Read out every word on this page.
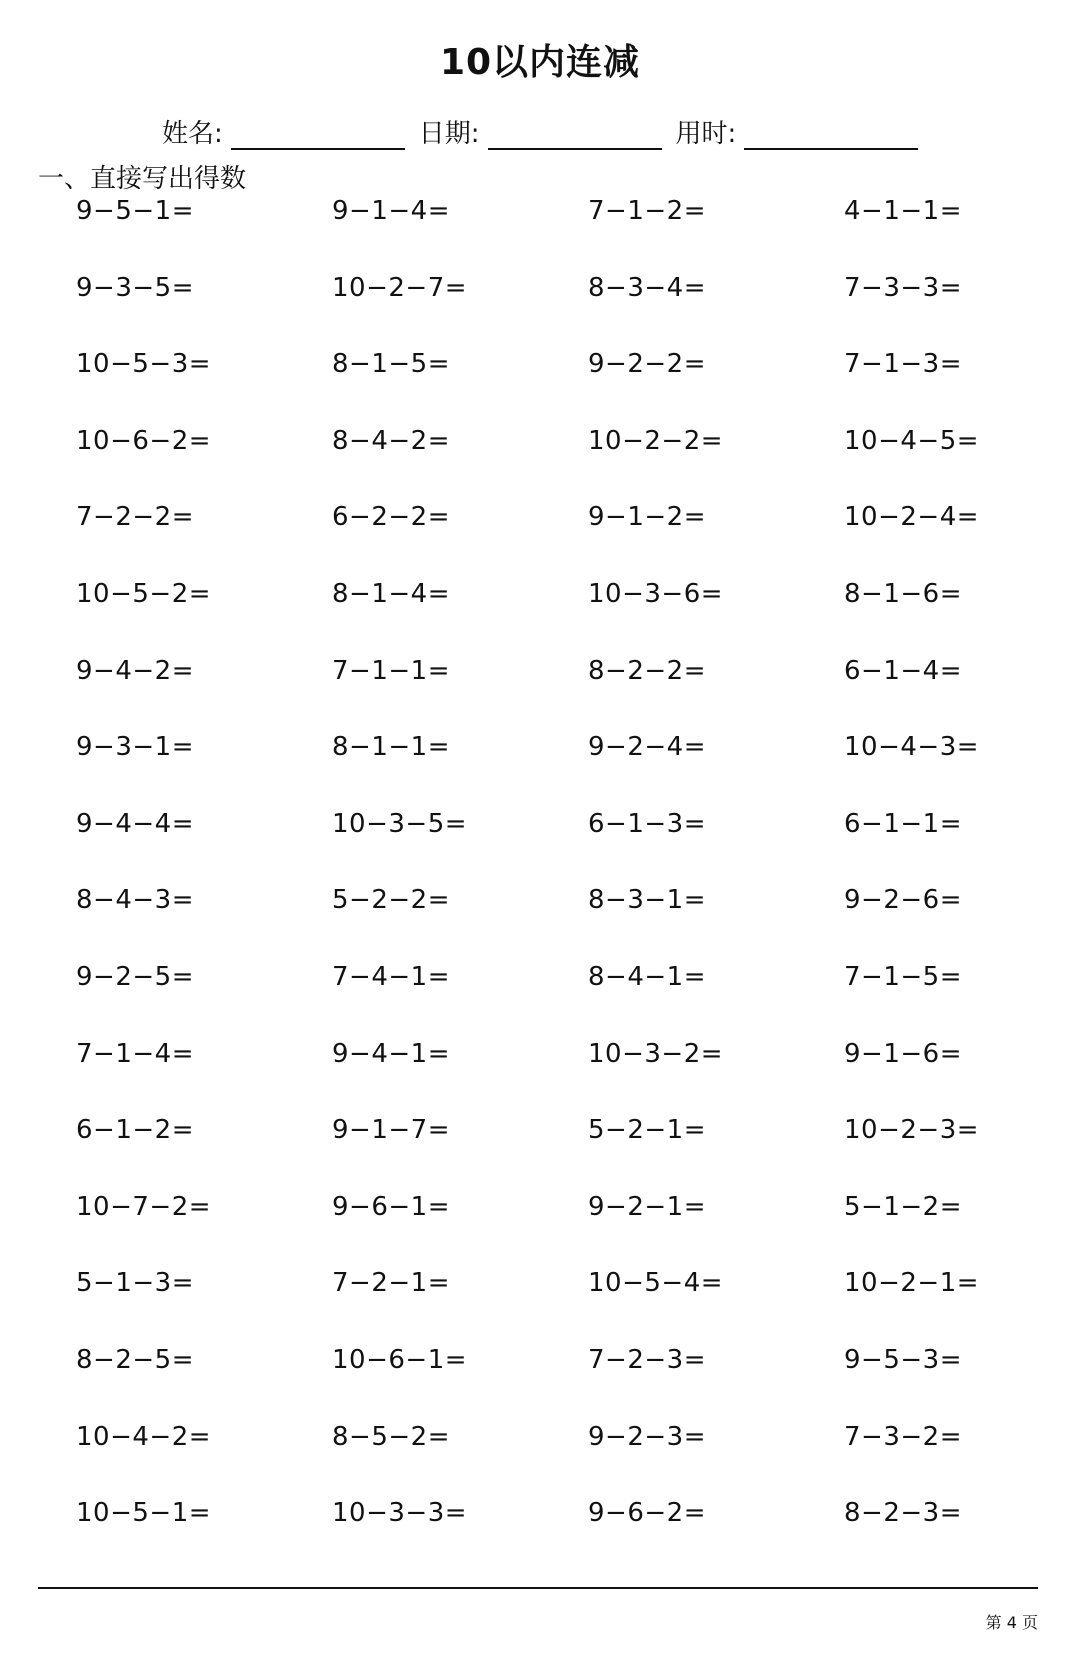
10以内连减
姓名:	日期:	用时:
一、直接写出得数
9−5−1=	9−1−4=	7−1−2=	4−1−1=
9−3−5=	10−2−7=	8−3−4=	7−3−3=
10−5−3=	8−1−5=	9−2−2=	7−1−3=
10−6−2=	8−4−2=	10−2−2=	10−4−5=
7−2−2=	6−2−2=	9−1−2=	10−2−4=
10−5−2=	8−1−4=	10−3−6=	8−1−6=
9−4−2=	7−1−1=	8−2−2=	6−1−4=
9−3−1=	8−1−1=	9−2−4=	10−4−3=
9−4−4=	10−3−5=	6−1−3=	6−1−1=
8−4−3=	5−2−2=	8−3−1=	9−2−6=
9−2−5=	7−4−1=	8−4−1=	7−1−5=
7−1−4=	9−4−1=	10−3−2=	9−1−6=
6−1−2=	9−1−7=	5−2−1=	10−2−3=
10−7−2=	9−6−1=	9−2−1=	5−1−2=
5−1−3=	7−2−1=	10−5−4=	10−2−1=
8−2−5=	10−6−1=	7−2−3=	9−5−3=
10−4−2=	8−5−2=	9−2−3=	7−3−2=
10−5−1=	10−3−3=	9−6−2=	8−2−3=
第 4 页
